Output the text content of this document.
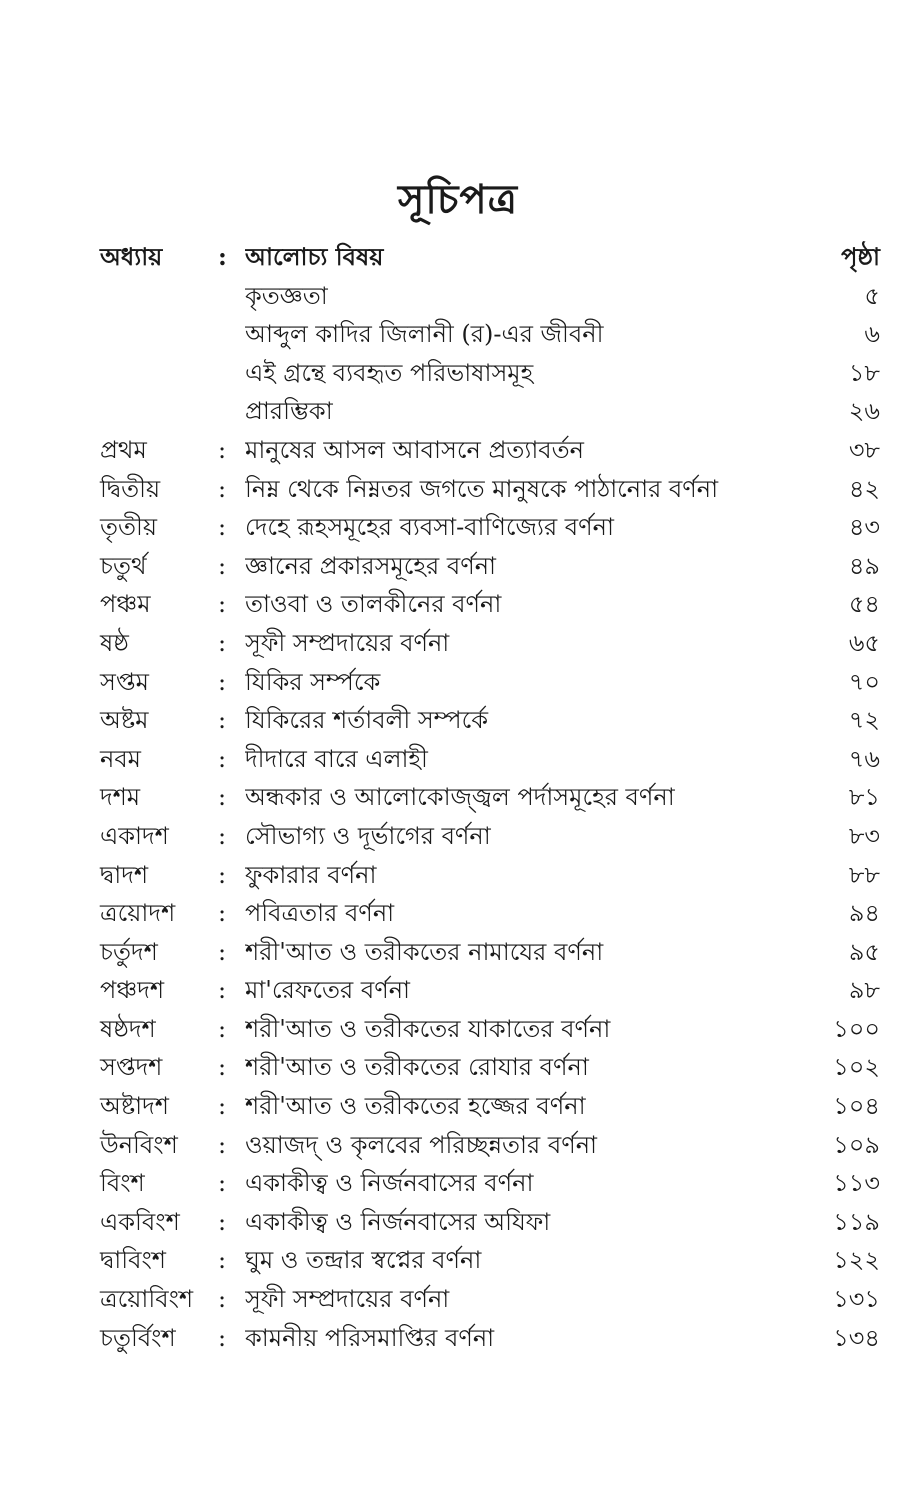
সূচিপত্র
অধ্যায়	: আলোচ্য বিষয়	পৃষ্ঠা
কৃতজ্ঞতা	৫
আব্দুল কাদির জিলানী (র)-এর জীবনী	৬
এই গ্রন্থে ব্যবহৃত পরিভাষাসমূহ	১৮
প্রারম্ভিকা	২৬
প্রথম	: মানুষের আসল আবাসনে প্রত্যাবর্তন	৩৮
দ্বিতীয়	: নিম্ন থেকে নিম্নতর জগতে মানুষকে পাঠানোর বর্ণনা	৪২
তৃতীয়	: দেহে রূহসমূহের ব্যবসা-বাণিজ্যের বর্ণনা	৪৩
চতুর্থ	: জ্ঞানের প্রকারসমূহের বর্ণনা	৪৯
পঞ্চম	: তাওবা ও তালকীনের বর্ণনা	৫৪
ষষ্ঠ	: সূফী সম্প্রদায়ের বর্ণনা	৬৫
সপ্তম	: যিকির সর্ম্পকে	৭০
অষ্টম	: যিকিরের শর্তাবলী সম্পর্কে	৭২
নবম	: দীদারে বারে এলাহী	৭৬
দশম	: অন্ধকার ও আলোকোজ্জ্বল পর্দাসমূহের বর্ণনা	৮১
একাদশ	: সৌভাগ্য ও দূর্ভাগের বর্ণনা	৮৩
দ্বাদশ	: ফুকারার বর্ণনা	৮৮
ত্রয়োদশ	: পবিত্রতার বর্ণনা	৯৪
চর্তুদশ	: শরী'আত ও তরীকতের নামাযের বর্ণনা	৯৫
পঞ্চদশ	: মা'রেফতের বর্ণনা	৯৮
ষষ্ঠদশ	: শরী'আত ও তরীকতের যাকাতের বর্ণনা	১০০
সপ্তদশ	: শরী'আত ও তরীকতের রোযার বর্ণনা	১০২
অষ্টাদশ	: শরী'আত ও তরীকতের হজ্জের বর্ণনা	১০৪
উনবিংশ	: ওয়াজদ্ ও কৃলবের পরিচ্ছন্নতার বর্ণনা	১০৯
বিংশ	: একাকীত্ব ও নির্জনবাসের বর্ণনা	১১৩
একবিংশ	: একাকীত্ব ও নির্জনবাসের অযিফা	১১৯
দ্বাবিংশ	: ঘুম ও তন্দ্রার স্বপ্নের বর্ণনা	১২২
ত্রয়োবিংশ	: সূফী সম্প্রদায়ের বর্ণনা	১৩১
চতুর্বিংশ	: কামনীয় পরিসমাপ্তির বর্ণনা	১৩৪
